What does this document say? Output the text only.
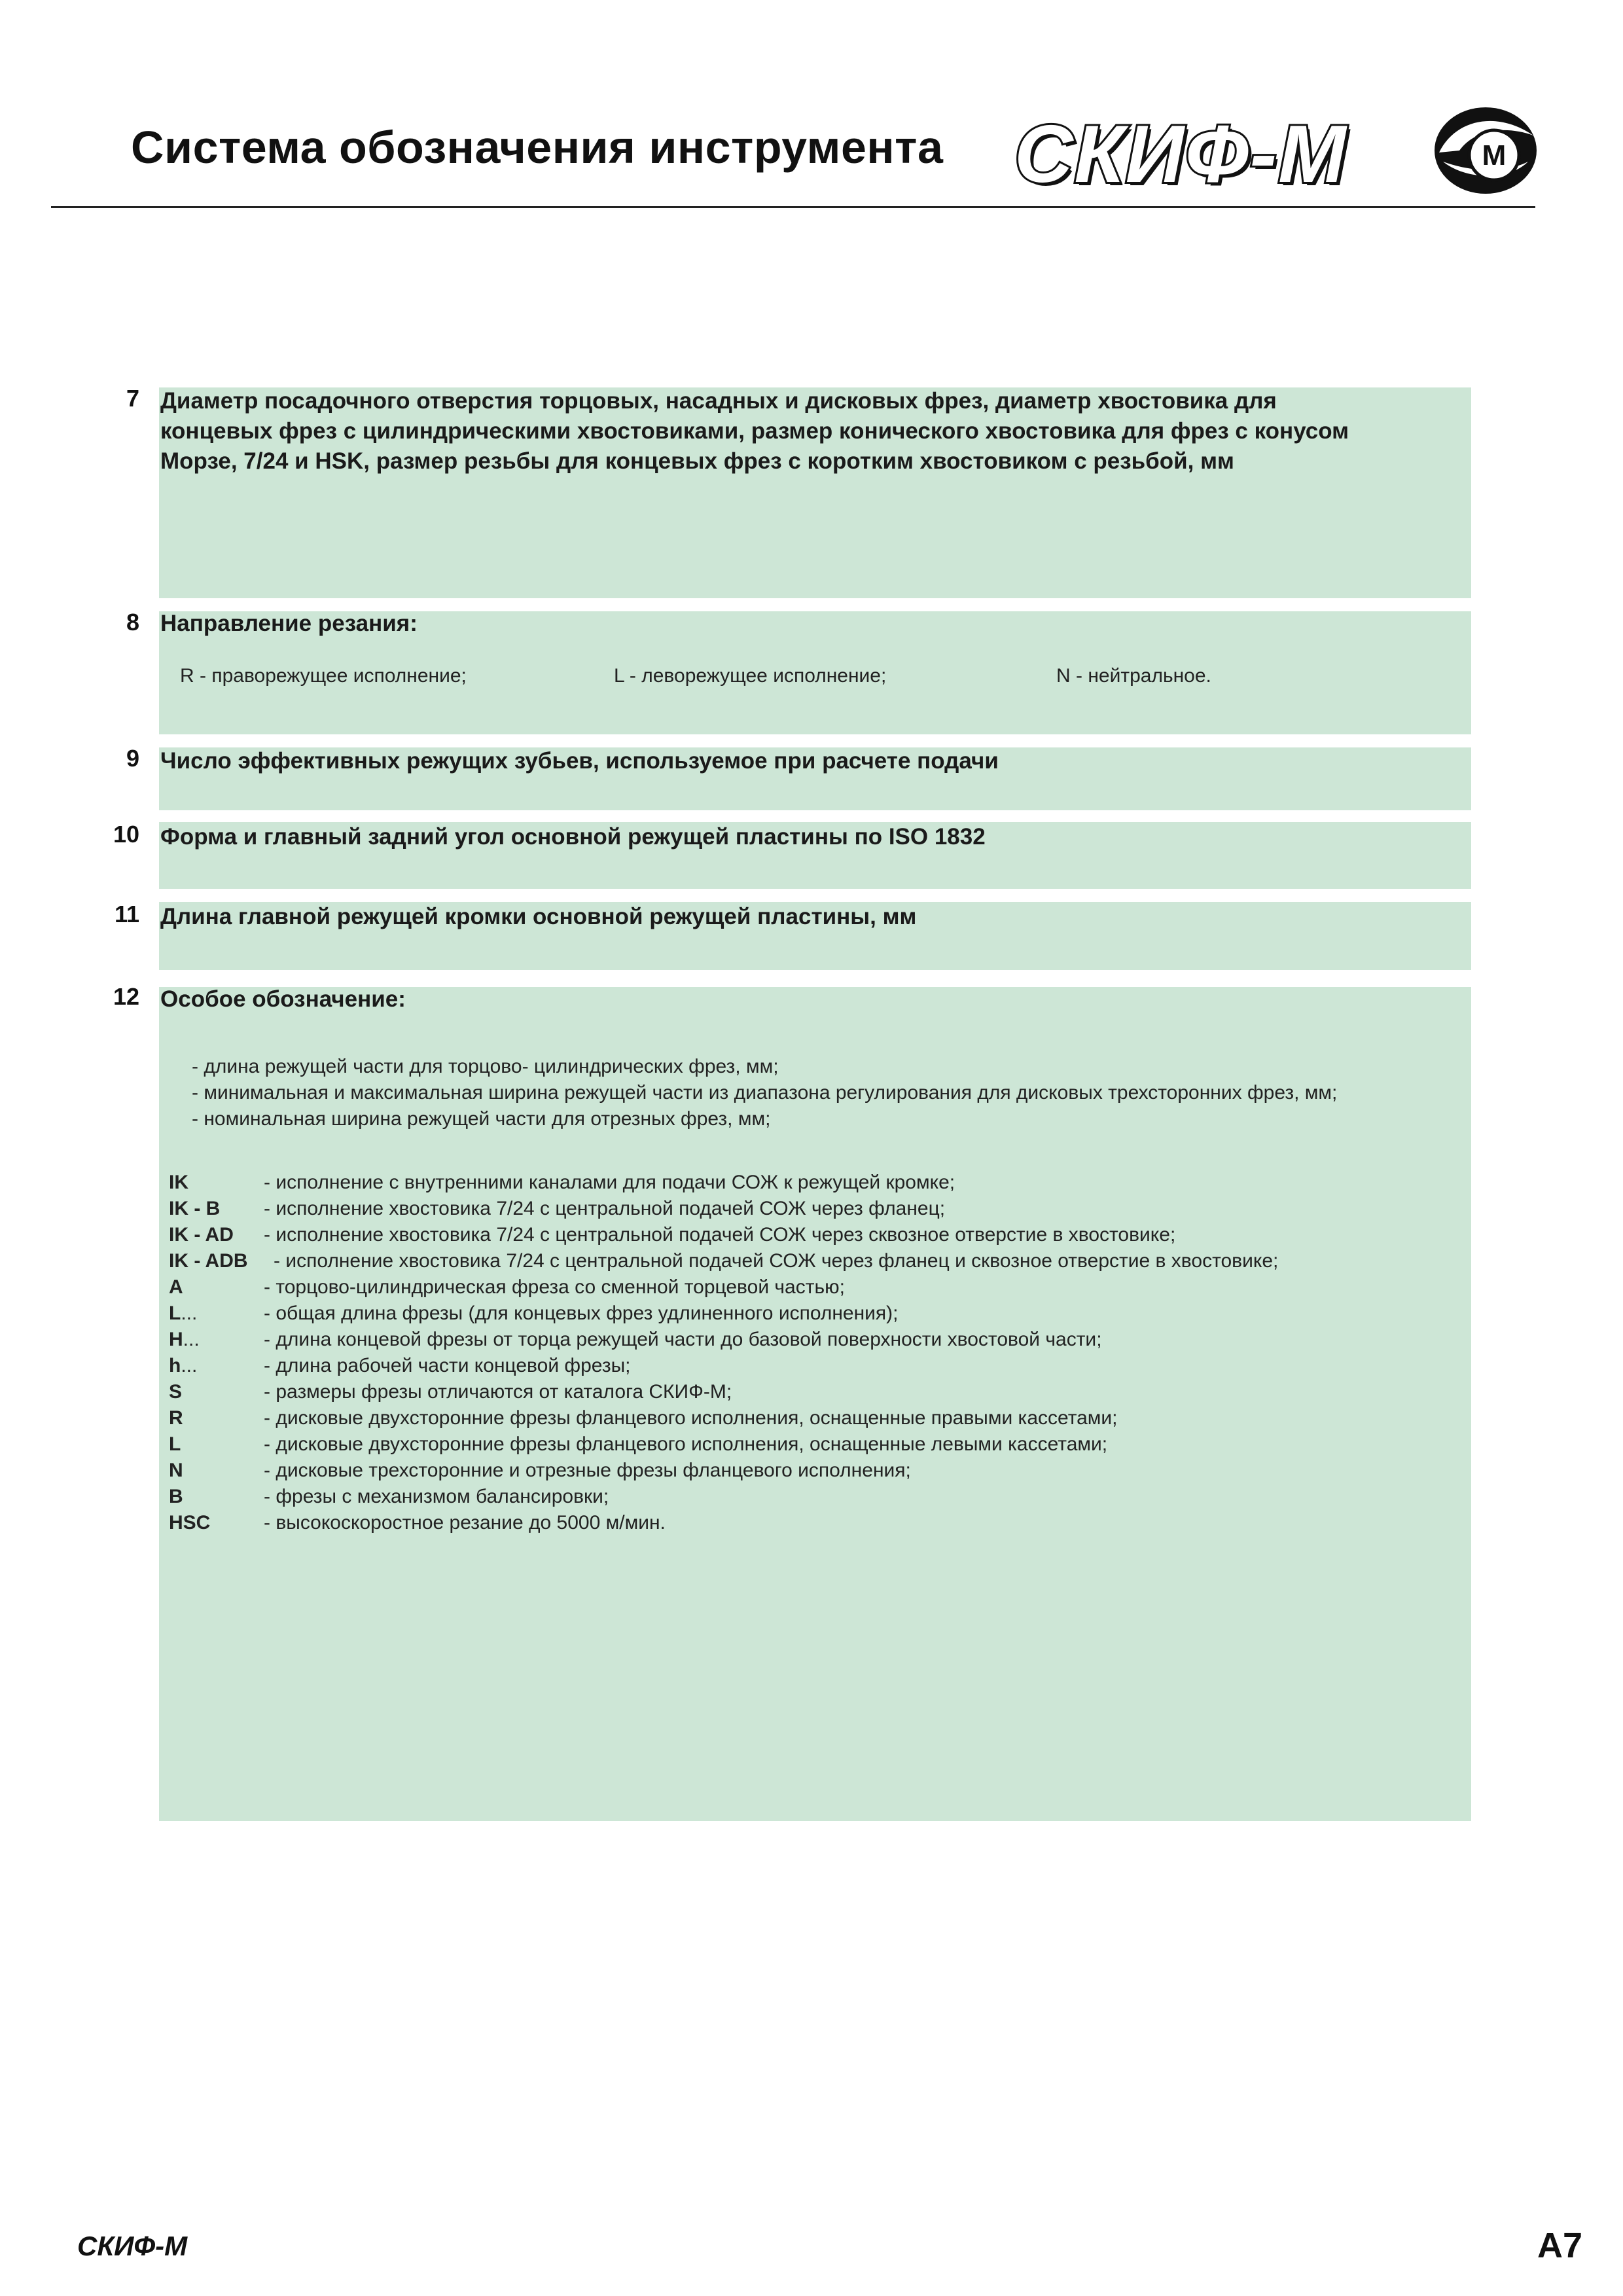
Система обозначения инструмента СКИФ-М	М
7 Диаметр посадочного отверстия торцовых, насадных и дисковых фрез, диаметр хвостовика для
концевых фрез с цилиндрическими хвостовиками, размер конического хвостовика для фрез с конусом
Морзе, 7/24 и HSK, размер резьбы для концевых фрез с коротким хвостовиком с резьбой, мм
8 Направление резания:
R - праворежущее исполнение;	L - леворежущее исполнение;	N - нейтральное.
9 Число эффективных режущих зубьев, используемое при расчете подачи
10 Форма и главный задний угол основной режущей пластины по ISO 1832
11 Длина главной режущей кромки основной режущей пластины, мм
12 Особое обозначение:
- длина режущей части для торцово- цилиндрических фрез, мм;
- минимальная и максимальная ширина режущей части из диапазона регулирования для дисковых трехсторонних фрез, мм;
- номинальная ширина режущей части для отрезных фрез, мм;
IK	- исполнение с внутренними каналами для подачи СОЖ к режущей кромке;
IK - B - исполнение хвостовика 7/24 с центральной подачей СОЖ через фланец;
IK - AD - исполнение хвостовика 7/24 с центральной подачей СОЖ через сквозное отверстие в хвостовике;
IK - ADB - исполнение хвостовика 7/24 с центральной подачей СОЖ через фланец и сквозное отверстие в хвостовике;
A	- торцово-цилиндрическая фреза со сменной торцевой частью;
L...	- общая длина фрезы (для концевых фрез удлиненного исполнения);
H...	- длина концевой фрезы от торца режущей части до базовой поверхности хвостовой части;
h...	- длина рабочей части концевой фрезы;
S	- размеры фрезы отличаются от каталога СКИФ-М;
R	- дисковые двухсторонние фрезы фланцевого исполнения, оснащенные правыми кассетами;
L	- дисковые двухсторонние фрезы фланцевого исполнения, оснащенные левыми кассетами;
N	- дисковые трехсторонние и отрезные фрезы фланцевого исполнения;
B	- фрезы с механизмом балансировки;
HSC	- высокоскоростное резание до 5000 м/мин.
СКИФ-М	A7
